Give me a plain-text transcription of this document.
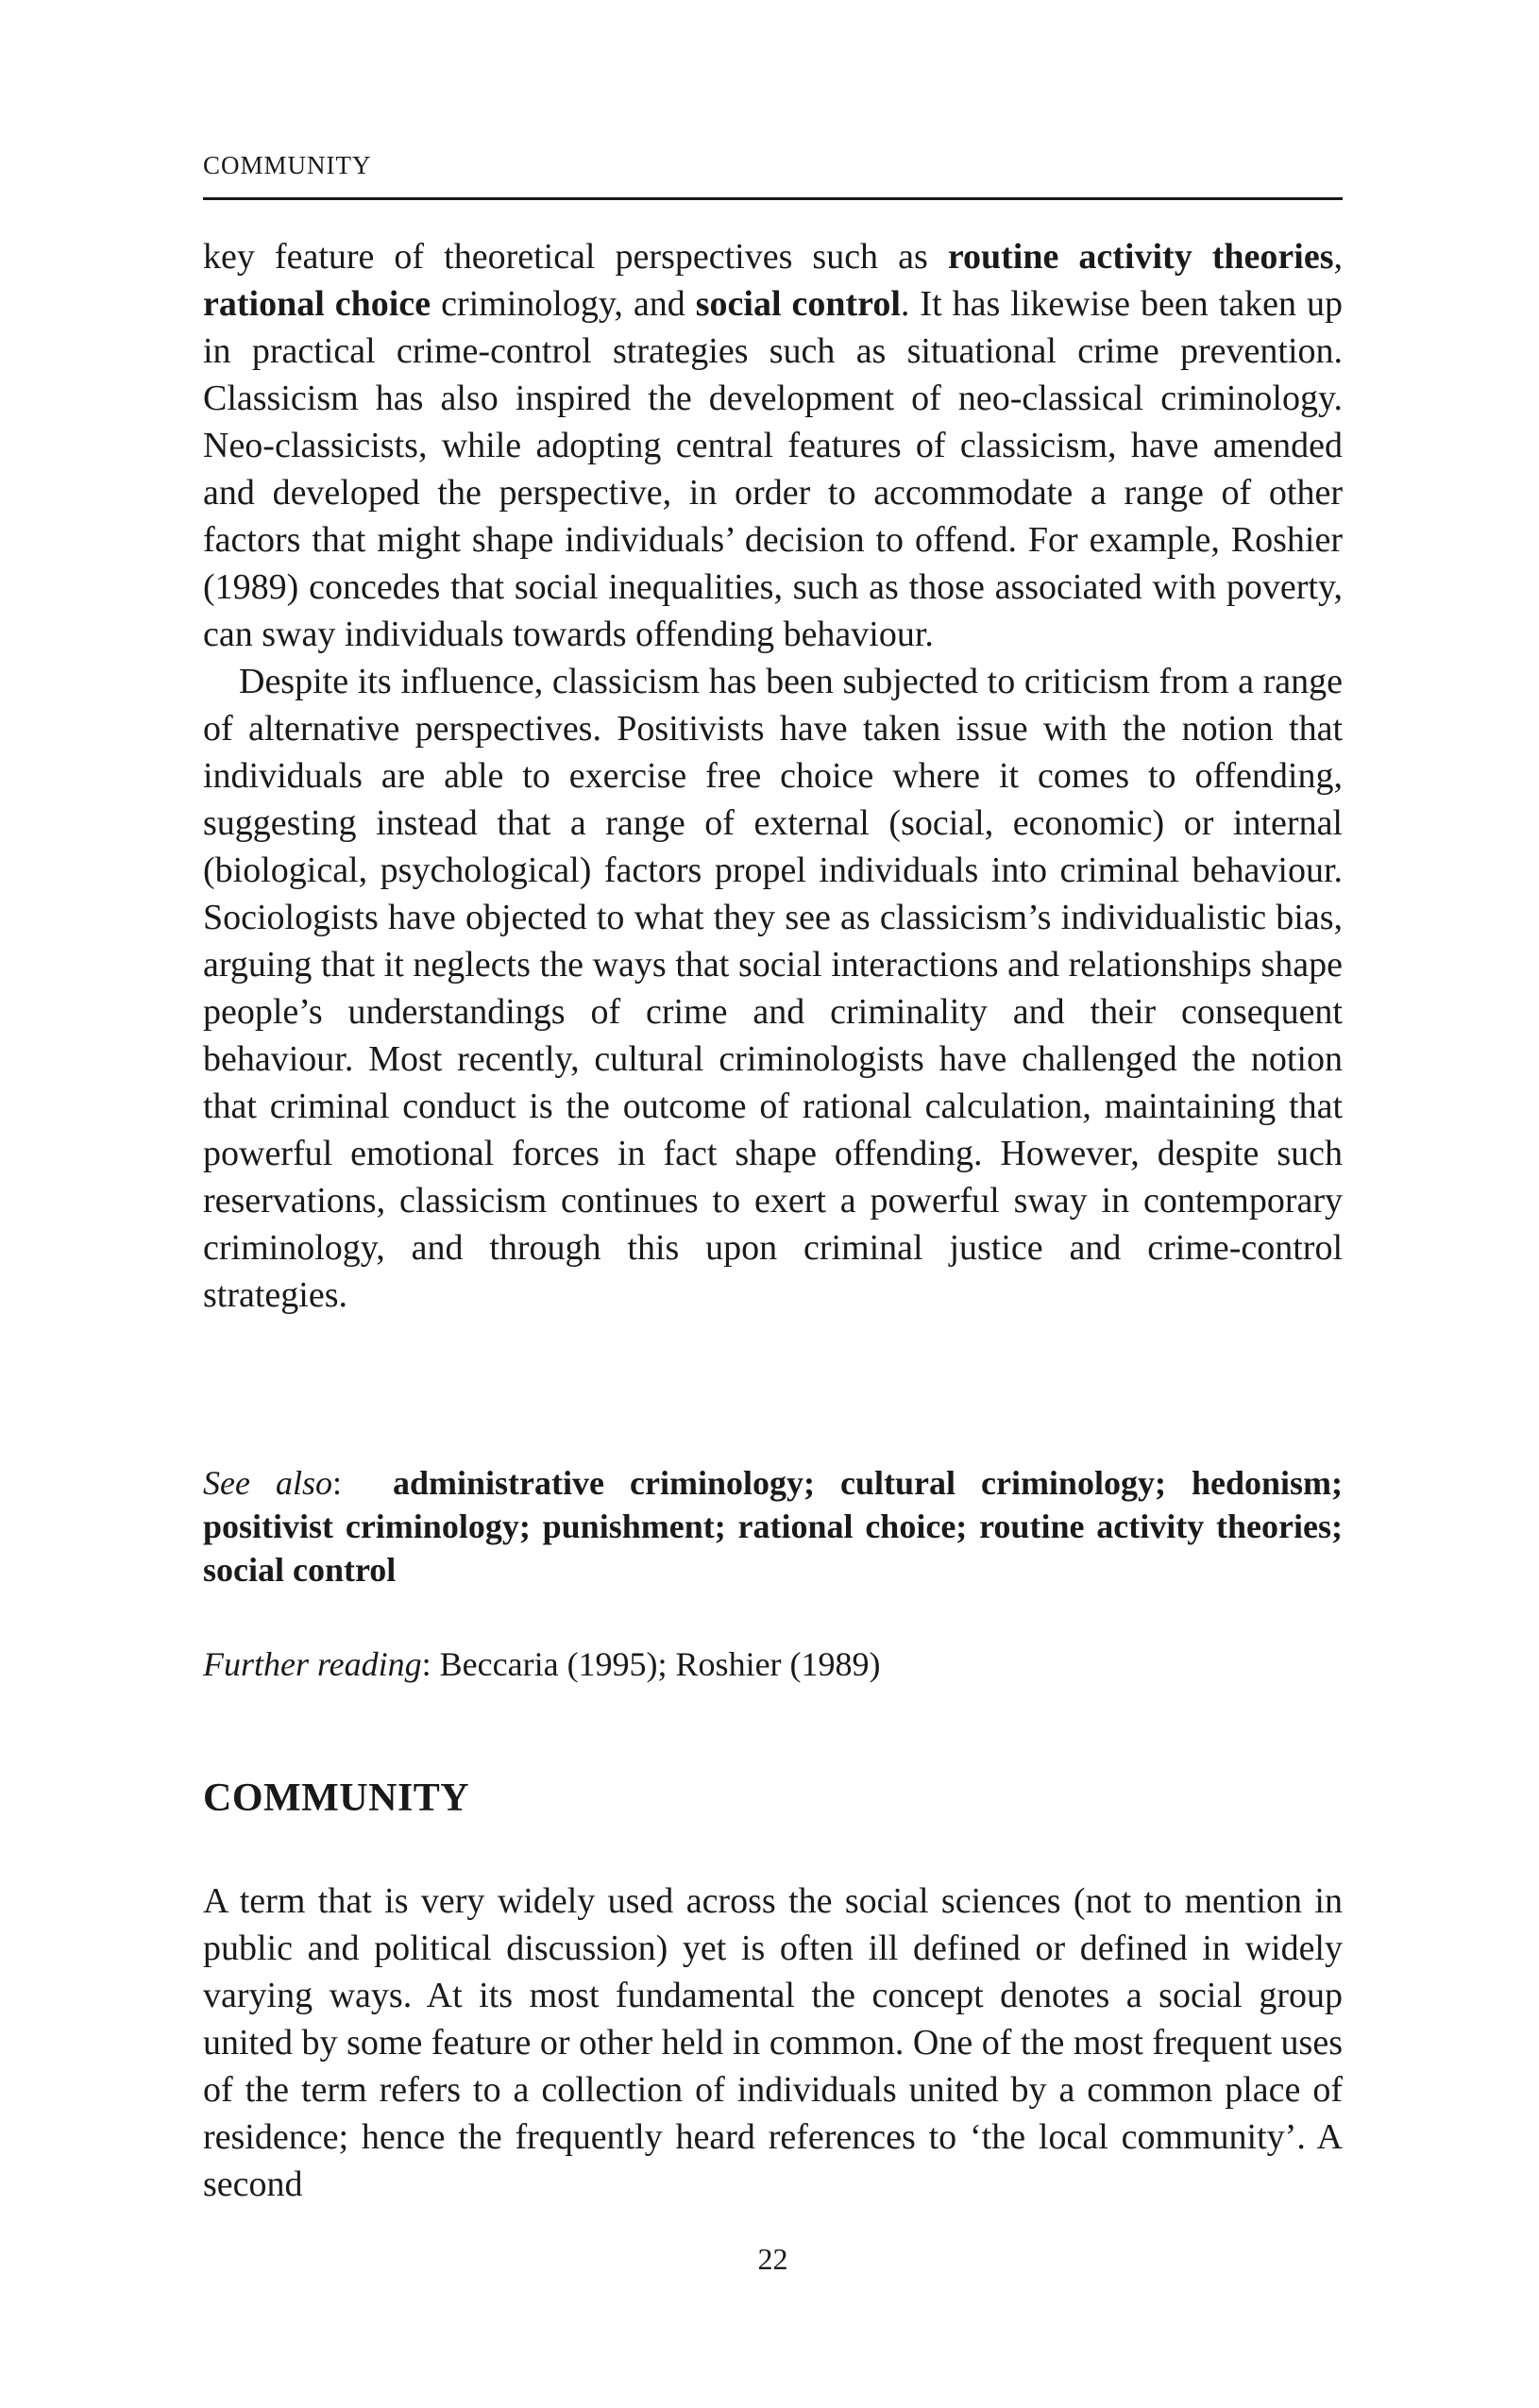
COMMUNITY

key feature of theoretical perspectives such as routine activity theories, rational choice criminology, and social control. It has likewise been taken up in practical crime-control strategies such as situational crime prevention. Classicism has also inspired the development of neo-classical criminology. Neo-classicists, while adopting central features of classicism, have amended and developed the perspective, in order to accommodate a range of other factors that might shape individuals’ decision to offend. For example, Roshier (1989) concedes that social inequalities, such as those associated with poverty, can sway individuals towards offending behaviour.

Despite its influence, classicism has been subjected to criticism from a range of alternative perspectives. Positivists have taken issue with the notion that individuals are able to exercise free choice where it comes to offending, suggesting instead that a range of external (social, economic) or internal (biological, psychological) factors propel individuals into criminal behaviour. Sociologists have objected to what they see as classicism’s individualistic bias, arguing that it neglects the ways that social interactions and relationships shape people’s understandings of crime and criminality and their consequent behaviour. Most recently, cultural criminologists have challenged the notion that criminal conduct is the outcome of rational calculation, maintaining that powerful emotional forces in fact shape offending. However, despite such reservations, classicism continues to exert a powerful sway in contemporary criminology, and through this upon criminal justice and crime-control strategies.

See also:  administrative criminology; cultural criminology; hedonism; positivist criminology; punishment; rational choice; routine activity theories; social control
Further reading: Beccaria (1995); Roshier (1989)
COMMUNITY

A term that is very widely used across the social sciences (not to mention in public and political discussion) yet is often ill defined or defined in widely varying ways. At its most fundamental the concept denotes a social group united by some feature or other held in common. One of the most frequent uses of the term refers to a collection of individuals united by a common place of residence; hence the frequently heard references to ‘the local community’. A second

22
